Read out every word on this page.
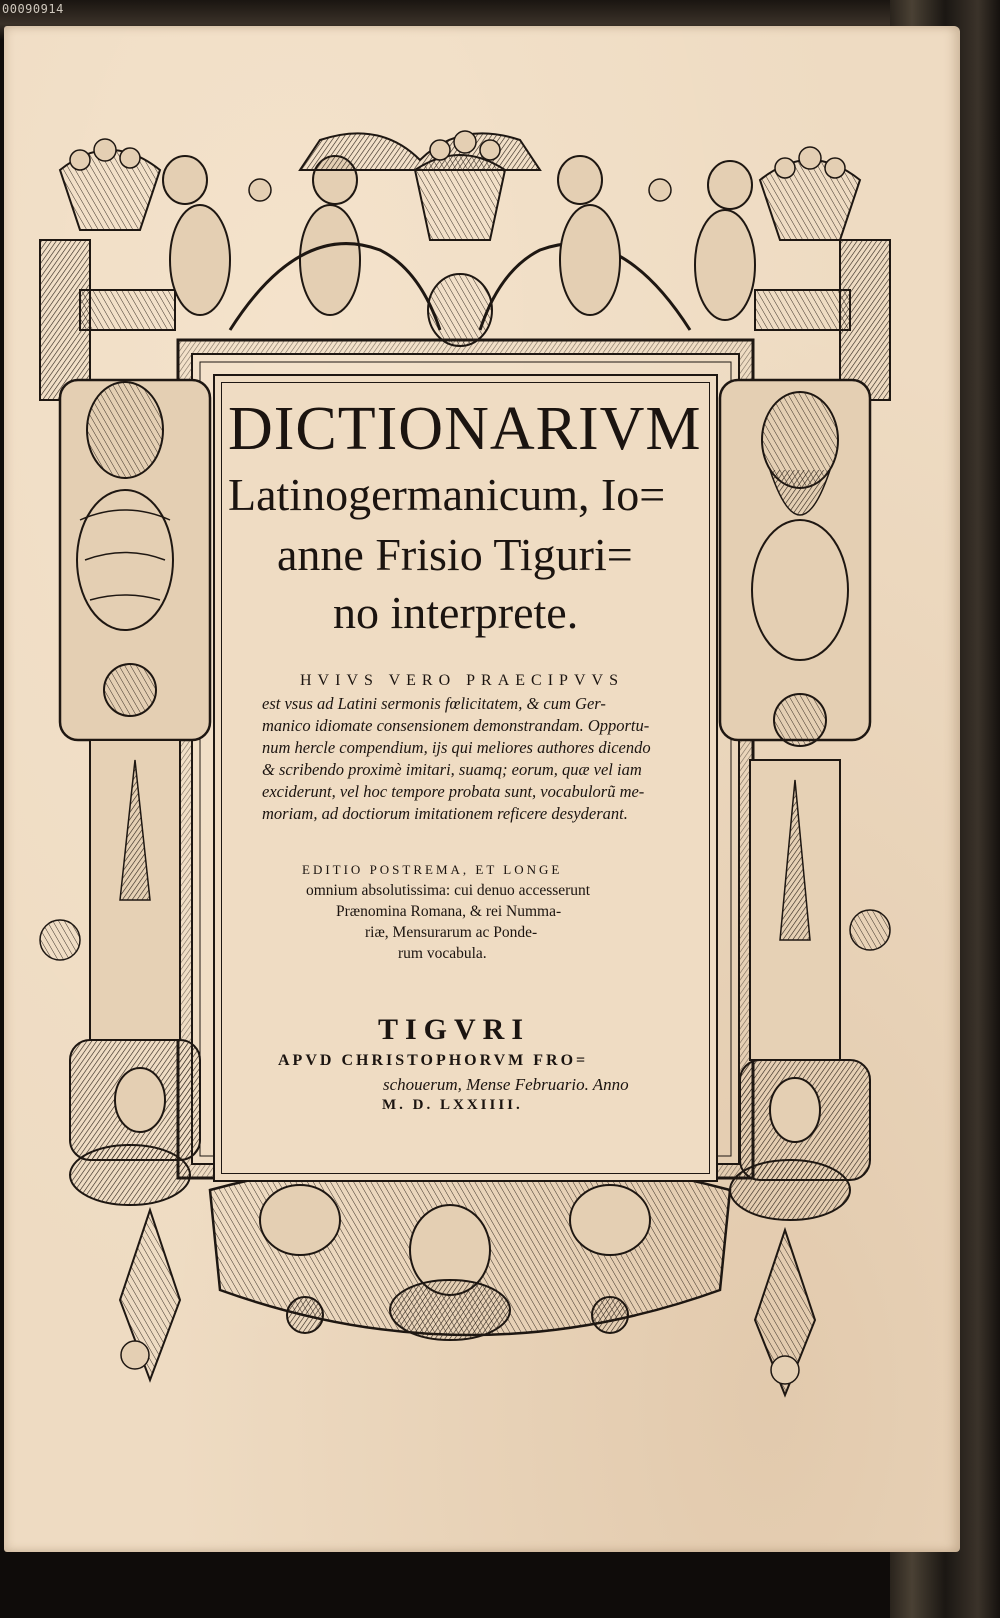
00090914
DICTIONARIVM
Latinogermanicum, Io=
anne Frisio Tiguri=
no interprete.
HVIVS VERO PRAECIPVVS
est vsus ad Latini sermonis fœlicitatem, & cum Ger-
manico idiomate consensionem demonstrandam. Opportu-
num hercle compendium, ijs qui meliores authores dicendo
& scribendo proximè imitari, suamq; eorum, quæ vel iam
exciderunt, vel hoc tempore probata sunt, vocabulorũ me-
moriam, ad doctiorum imitationem reficere desyderant.
EDITIO POSTREMA, ET LONGE
omnium absolutissima: cui denuo accesserunt
Prænomina Romana, & rei Numma-
riæ, Mensurarum ac Ponde-
rum vocabula.
TIGVRI
APVD CHRISTOPHORVM FRO=
schouerum, Mense Februario. Anno
M. D. LXXIIII.
